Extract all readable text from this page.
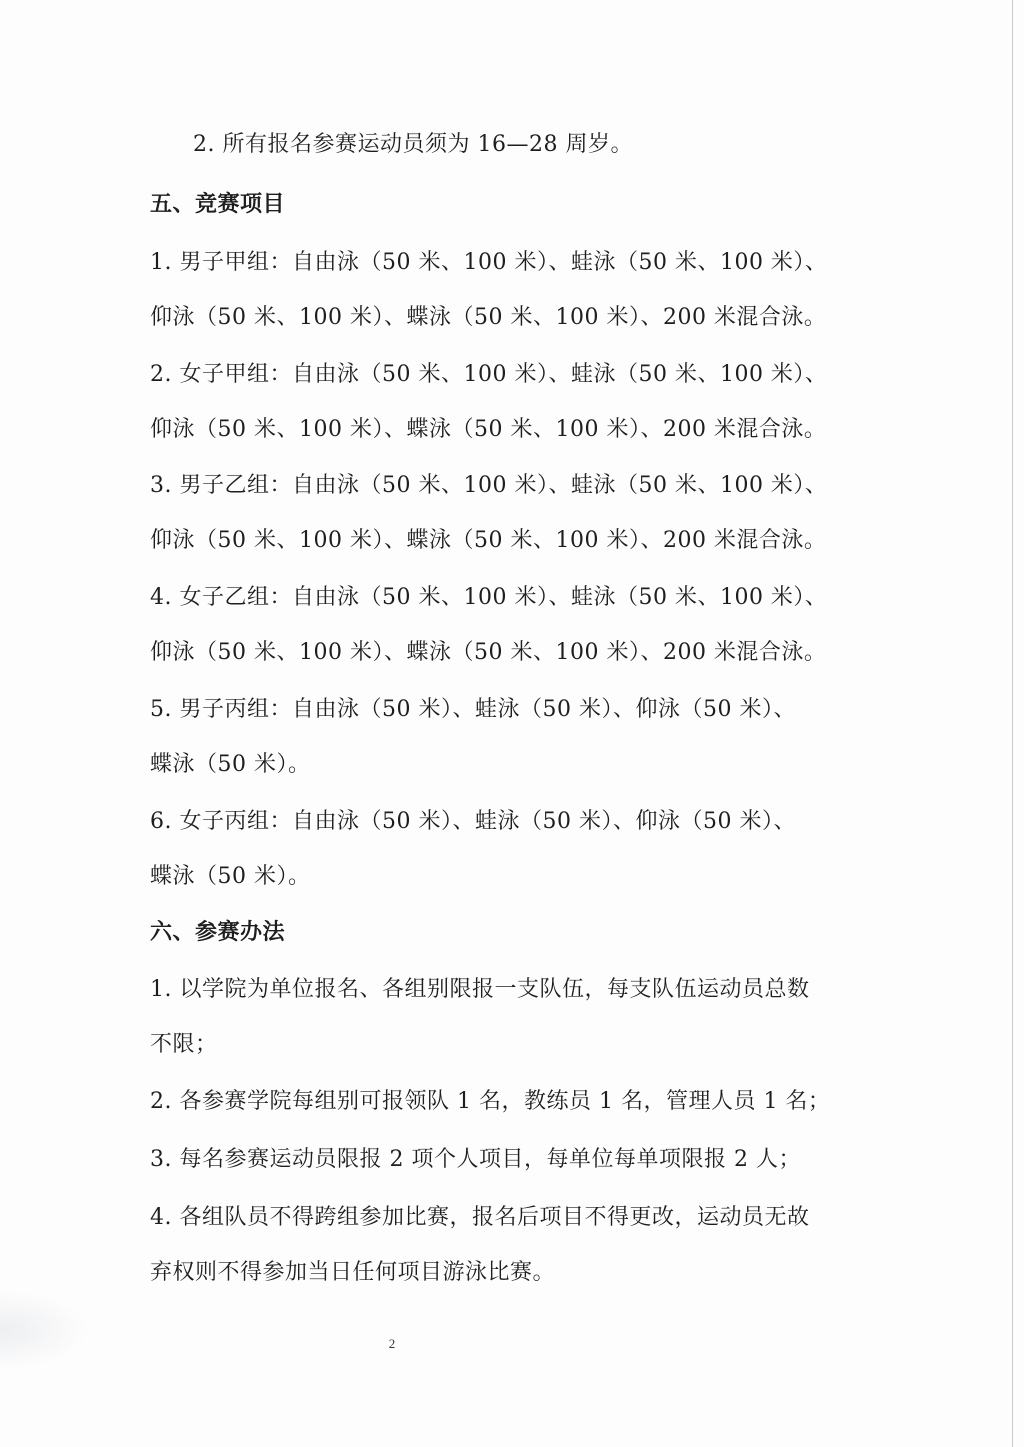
2. 所有报名参赛运动员须为 16—28 周岁。
五、竞赛项目
1. 男子甲组：自由泳（50 米、100 米）、蛙泳（50 米、100 米）、
仰泳（50 米、100 米）、蝶泳（50 米、100 米）、200 米混合泳。
2. 女子甲组：自由泳（50 米、100 米）、蛙泳（50 米、100 米）、
仰泳（50 米、100 米）、蝶泳（50 米、100 米）、200 米混合泳。
3. 男子乙组：自由泳（50 米、100 米）、蛙泳（50 米、100 米）、
仰泳（50 米、100 米）、蝶泳（50 米、100 米）、200 米混合泳。
4. 女子乙组：自由泳（50 米、100 米）、蛙泳（50 米、100 米）、
仰泳（50 米、100 米）、蝶泳（50 米、100 米）、200 米混合泳。
5. 男子丙组：自由泳（50 米）、蛙泳（50 米）、仰泳（50 米）、
蝶泳（50 米）。
6. 女子丙组：自由泳（50 米）、蛙泳（50 米）、仰泳（50 米）、
蝶泳（50 米）。
六、参赛办法
1. 以学院为单位报名、各组别限报一支队伍，每支队伍运动员总数
不限；
2. 各参赛学院每组别可报领队 1 名，教练员 1 名，管理人员 1 名；
3. 每名参赛运动员限报 2 项个人项目，每单位每单项限报 2 人；
4. 各组队员不得跨组参加比赛，报名后项目不得更改，运动员无故
弃权则不得参加当日任何项目游泳比赛。
2
